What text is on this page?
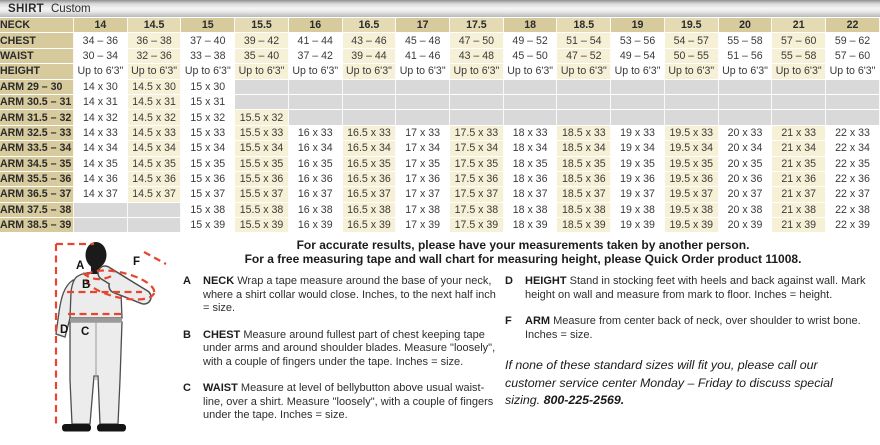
SHIRT Custom
NECK	14	14.5	15	15.5	16	16.5	17	17.5	18	18.5	19	19.5	20	21	22
CHEST	34 – 36	36 – 38	37 – 40	39 – 42	41 – 44	43 – 46	45 – 48	47 – 50	49 – 52	51 – 54	53 – 56	54 – 57	55 – 58	57 – 60	59 – 62
WAIST	30 – 34	32 – 36	33 – 38	35 – 40	37 – 42	39 – 44	41 – 46	43 – 48	45 – 50	47 – 52	49 – 54	50 – 55	51 – 56	55 – 58	57 – 60
HEIGHT	Up to 6'3"	Up to 6'3"	Up to 6'3"	Up to 6'3"	Up to 6'3"	Up to 6'3"	Up to 6'3"	Up to 6'3"	Up to 6'3"	Up to 6'3"	Up to 6'3"	Up to 6'3"	Up to 6'3"	Up to 6'3"	Up to 6'3"
ARM 29 – 30	14 x 30	14.5 x 30	15 x 30												
ARM 30.5 – 31	14 x 31	14.5 x 31	15 x 31												
ARM 31.5 – 32	14 x 32	14.5 x 32	15 x 32	15.5 x 32											
ARM 32.5 – 33	14 x 33	14.5 x 33	15 x 33	15.5 x 33	16 x 33	16.5 x 33	17 x 33	17.5 x 33	18 x 33	18.5 x 33	19 x 33	19.5 x 33	20 x 33	21 x 33	22 x 33
ARM 33.5 – 34	14 x 34	14.5 x 34	15 x 34	15.5 x 34	16 x 34	16.5 x 34	17 x 34	17.5 x 34	18 x 34	18.5 x 34	19 x 34	19.5 x 34	20 x 34	21 x 34	22 x 34
ARM 34.5 – 35	14 x 35	14.5 x 35	15 x 35	15.5 x 35	16 x 35	16.5 x 35	17 x 35	17.5 x 35	18 x 35	18.5 x 35	19 x 35	19.5 x 35	20 x 35	21 x 35	22 x 35
ARM 35.5 – 36	14 x 36	14.5 x 36	15 x 36	15.5 x 36	16 x 36	16.5 x 36	17 x 36	17.5 x 36	18 x 36	18.5 x 36	19 x 36	19.5 x 36	20 x 36	21 x 36	22 x 36
ARM 36.5 – 37	14 x 37	14.5 x 37	15 x 37	15.5 x 37	16 x 37	16.5 x 37	17 x 37	17.5 x 37	18 x 37	18.5 x 37	19 x 37	19.5 x 37	20 x 37	21 x 37	22 x 37
ARM 37.5 – 38			15 x 38	15.5 x 38	16 x 38	16.5 x 38	17 x 38	17.5 x 38	18 x 38	18.5 x 38	19 x 38	19.5 x 38	20 x 38	21 x 38	22 x 38
ARM 38.5 – 39			15 x 39	15.5 x 39	16 x 39	16.5 x 39	17 x 39	17.5 x 39	18 x 39	18.5 x 39	19 x 39	19.5 x 39	20 x 39	21 x 39	22 x 39
A
B
C
D
F
For accurate results, please have your measurements taken by another person.
For a free measuring tape and wall chart for measuring height, please Quick Order product 11008.
A	NECK Wrap a tape measure around the base of your neck, where a shirt collar would close. Inches, to the next half inch = size.

B	CHEST Measure around fullest part of chest keeping tape under arms and around shoulder blades. Measure "loosely", with a couple of fingers under the tape. Inches = size.

C	WAIST Measure at level of bellybutton above usual waist-line, over a shirt. Measure "loosely", with a couple of fingers under the tape. Inches = size.

D	HEIGHT Stand in stocking feet with heels and back against wall. Mark height on wall and measure from mark to floor. Inches = height.

F	ARM Measure from center back of neck, over shoulder to wrist bone. Inches = size.

If none of these standard sizes will fit you, please call our customer service center Monday – Friday to discuss special sizing. 800-225-2569.
